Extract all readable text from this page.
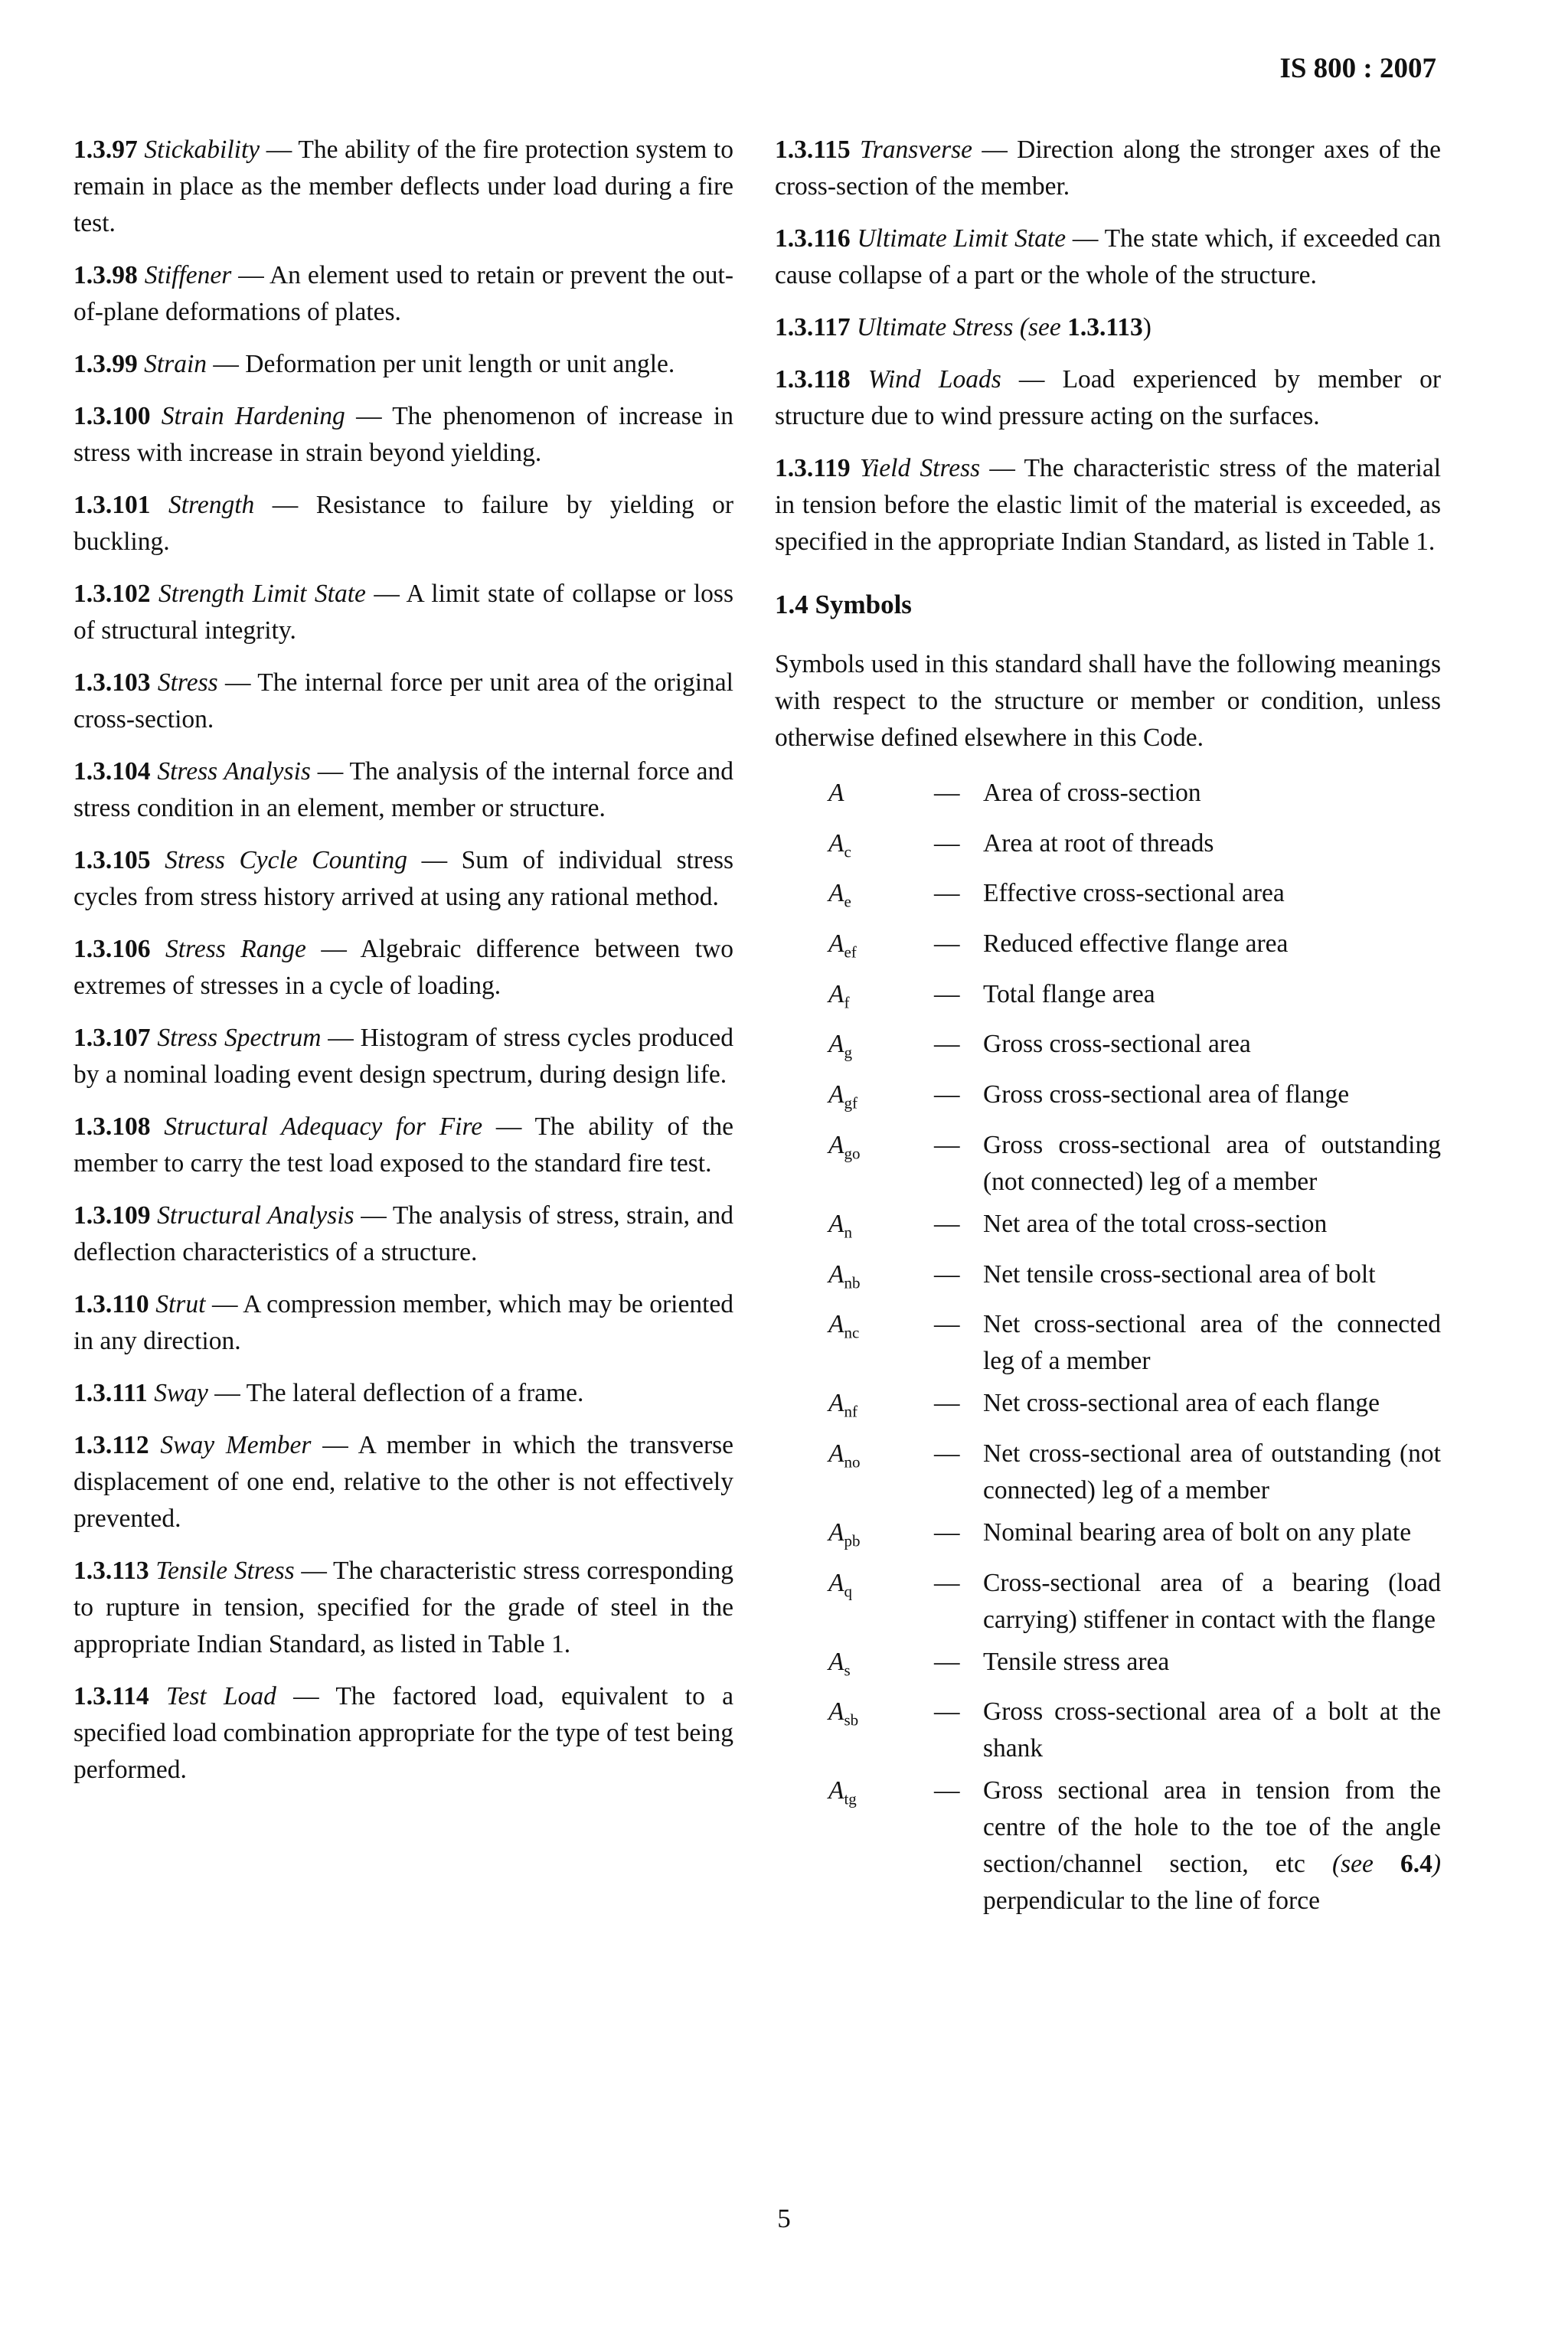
IS 800 : 2007

1.3.97 Stickability — The ability of the fire protection system to remain in place as the member deflects under load during a fire test.

1.3.98 Stiffener — An element used to retain or prevent the out-of-plane deformations of plates.

1.3.99 Strain — Deformation per unit length or unit angle.

1.3.100 Strain Hardening — The phenomenon of increase in stress with increase in strain beyond yielding.

1.3.101 Strength — Resistance to failure by yielding or buckling.

1.3.102 Strength Limit State — A limit state of collapse or loss of structural integrity.

1.3.103 Stress — The internal force per unit area of the original cross-section.

1.3.104 Stress Analysis — The analysis of the internal force and stress condition in an element, member or structure.

1.3.105 Stress Cycle Counting — Sum of individual stress cycles from stress history arrived at using any rational method.

1.3.106 Stress Range — Algebraic difference between two extremes of stresses in a cycle of loading.

1.3.107 Stress Spectrum — Histogram of stress cycles produced by a nominal loading event design spectrum, during design life.

1.3.108 Structural Adequacy for Fire — The ability of the member to carry the test load exposed to the standard fire test.

1.3.109 Structural Analysis — The analysis of stress, strain, and deflection characteristics of a structure.

1.3.110 Strut — A compression member, which may be oriented in any direction.

1.3.111 Sway — The lateral deflection of a frame.

1.3.112 Sway Member — A member in which the transverse displacement of one end, relative to the other is not effectively prevented.

1.3.113 Tensile Stress — The characteristic stress corresponding to rupture in tension, specified for the grade of steel in the appropriate Indian Standard, as listed in Table 1.

1.3.114 Test Load — The factored load, equivalent to a specified load combination appropriate for the type of test being performed.

1.3.115 Transverse — Direction along the stronger axes of the cross-section of the member.

1.3.116 Ultimate Limit State — The state which, if exceeded can cause collapse of a part or the whole of the structure.

1.3.117 Ultimate Stress (see 1.3.113)

1.3.118 Wind Loads — Load experienced by member or structure due to wind pressure acting on the surfaces.

1.3.119 Yield Stress — The characteristic stress of the material in tension before the elastic limit of the material is exceeded, as specified in the appropriate Indian Standard, as listed in Table 1.

1.4 Symbols

Symbols used in this standard shall have the following meanings with respect to the structure or member or condition, unless otherwise defined elsewhere in this Code.

A	— Area of cross-section
$A_c$	— Area at root of threads
$A_e$	— Effective cross-sectional area
$A_{ef}$	— Reduced effective flange area
$A_f$	— Total flange area
$A_g$	— Gross cross-sectional area
$A_{gf}$	— Gross cross-sectional area of flange
$A_{go}$	— Gross cross-sectional area of outstanding (not connected) leg of a member
$A_n$	— Net area of the total cross-section
$A_{nb}$	— Net tensile cross-sectional area of bolt
$A_{nc}$	— Net cross-sectional area of the connected leg of a member
$A_{nf}$	— Net cross-sectional area of each flange
$A_{no}$	— Net cross-sectional area of outstanding (not connected) leg of a member
$A_{pb}$	— Nominal bearing area of bolt on any plate
$A_q$	— Cross-sectional area of a bearing (load carrying) stiffener in contact with the flange
$A_s$	— Tensile stress area
$A_{sb}$	— Gross cross-sectional area of a bolt at the shank
$A_{tg}$	— Gross sectional area in tension from the centre of the hole to the toe of the angle section/channel section, etc (see 6.4) perpendicular to the line of force
5
